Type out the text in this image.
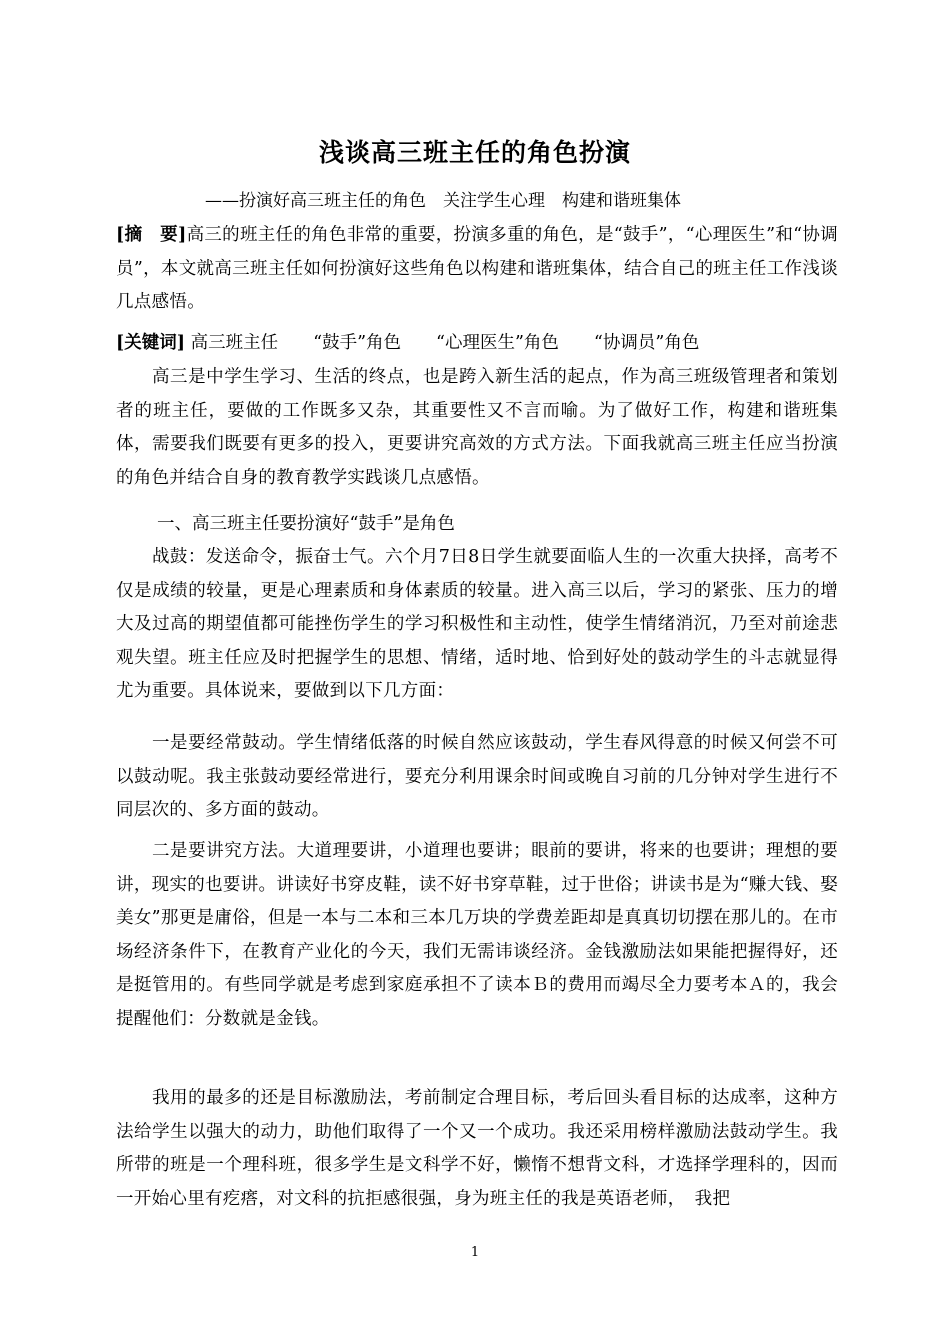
浅谈高三班主任的角色扮演
——扮演好高三班主任的角色　关注学生心理　构建和谐班集体
[摘　要]高三的班主任的角色非常的重要，扮演多重的角色，是“鼓手”，“心理医生”和“协调员”，本文就高三班主任如何扮演好这些角色以构建和谐班集体，结合自己的班主任工作浅谈几点感悟。
[关键词] 高三班主任　　“鼓手”角色　　“心理医生”角色　　“协调员”角色
高三是中学生学习、生活的终点，也是跨入新生活的起点，作为高三班级管理者和策划者的班主任，要做的工作既多又杂，其重要性又不言而喻。为了做好工作，构建和谐班集体，需要我们既要有更多的投入，更要讲究高效的方式方法。下面我就高三班主任应当扮演的角色并结合自身的教育教学实践谈几点感悟。
一、高三班主任要扮演好“鼓手”是角色
战鼓：发送命令，振奋士气。六个月7日8日学生就要面临人生的一次重大抉择，高考不仅是成绩的较量，更是心理素质和身体素质的较量。进入高三以后，学习的紧张、压力的增大及过高的期望值都可能挫伤学生的学习积极性和主动性，使学生情绪消沉，乃至对前途悲观失望。班主任应及时把握学生的思想、情绪，适时地、恰到好处的鼓动学生的斗志就显得尤为重要。具体说来，要做到以下几方面：
一是要经常鼓动。学生情绪低落的时候自然应该鼓动，学生春风得意的时候又何尝不可以鼓动呢。我主张鼓动要经常进行，要充分利用课余时间或晚自习前的几分钟对学生进行不同层次的、多方面的鼓动。
二是要讲究方法。大道理要讲，小道理也要讲；眼前的要讲，将来的也要讲；理想的要讲，现实的也要讲。讲读好书穿皮鞋，读不好书穿草鞋，过于世俗；讲读书是为“赚大钱、娶美女”那更是庸俗，但是一本与二本和三本几万块的学费差距却是真真切切摆在那儿的。在市场经济条件下，在教育产业化的今天，我们无需讳谈经济。金钱激励法如果能把握得好，还是挺管用的。有些同学就是考虑到家庭承担不了读本Ｂ的费用而竭尽全力要考本Ａ的，我会提醒他们：分数就是金钱。
我用的最多的还是目标激励法，考前制定合理目标，考后回头看目标的达成率，这种方法给学生以强大的动力，助他们取得了一个又一个成功。我还采用榜样激励法鼓动学生。我所带的班是一个理科班，很多学生是文科学不好，懒惰不想背文科，才选择学理科的，因而一开始心里有疙瘩，对文科的抗拒感很强，身为班主任的我是英语老师，　我把
1
